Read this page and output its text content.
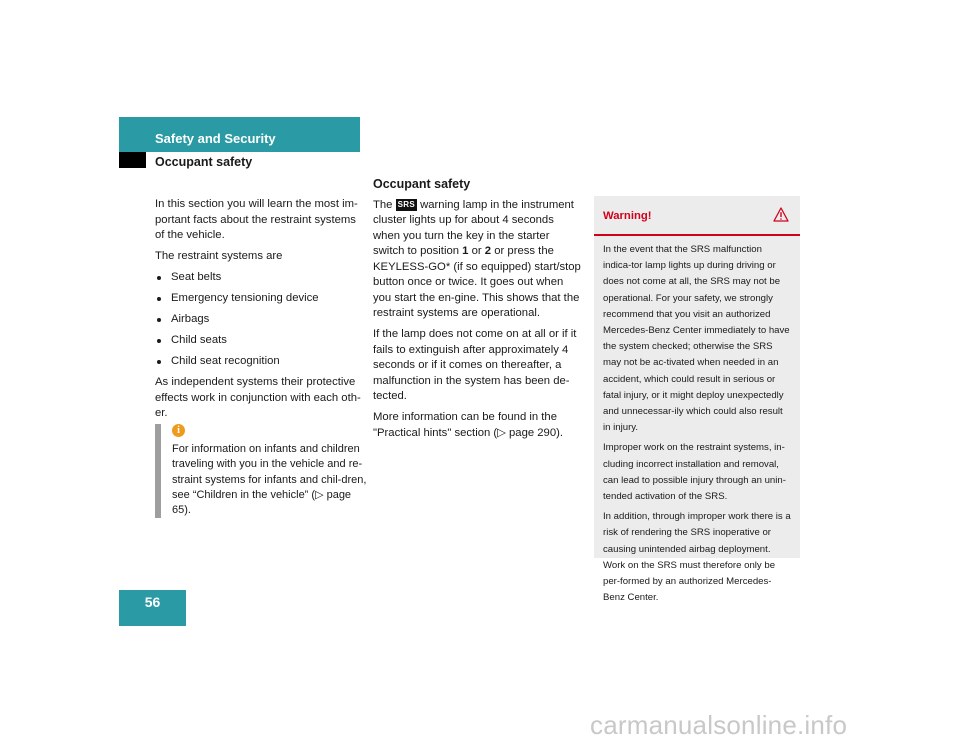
Safety and Security
Occupant safety

In this section you will learn the most im-portant facts about the restraint systems of the vehicle.

The restraint systems are

Seat belts
Emergency tensioning device
Airbags
Child seats
Child seat recognition

As independent systems their protective effects work in conjunction with each oth-er.

i
For information on infants and children traveling with you in the vehicle and re-straint systems for infants and chil-dren, see “Children in the vehicle” (▷ page 65).
Occupant safety

The SRS warning lamp in the instrument cluster lights up for about 4 seconds when you turn the key in the starter switch to position 1 or 2 or press the KEYLESS-GO* (if so equipped) start/stop button once or twice. It goes out when you start the en-gine. This shows that the restraint systems are operational.

If the lamp does not come on at all or if it fails to extinguish after approximately 4 seconds or if it comes on thereafter, a malfunction in the system has been de-tected.

More information can be found in the "Practical hints" section (▷ page 290).

Warning!

In the event that the SRS malfunction indica-tor lamp lights up during driving or does not come at all, the SRS may not be operational. For your safety, we strongly recommend that you visit an authorized Mercedes-Benz Center immediately to have the system checked; otherwise the SRS may not be ac-tivated when needed in an accident, which could result in serious or fatal injury, or it might deploy unexpectedly and unnecessar-ily which could also result in injury.

Improper work on the restraint systems, in-cluding incorrect installation and removal, can lead to possible injury through an unin-tended activation of the SRS.

In addition, through improper work there is a risk of rendering the SRS inoperative or causing unintended airbag deployment. Work on the SRS must therefore only be per-formed by an authorized Mercedes-Benz Center.

56
carmanualsonline.info
